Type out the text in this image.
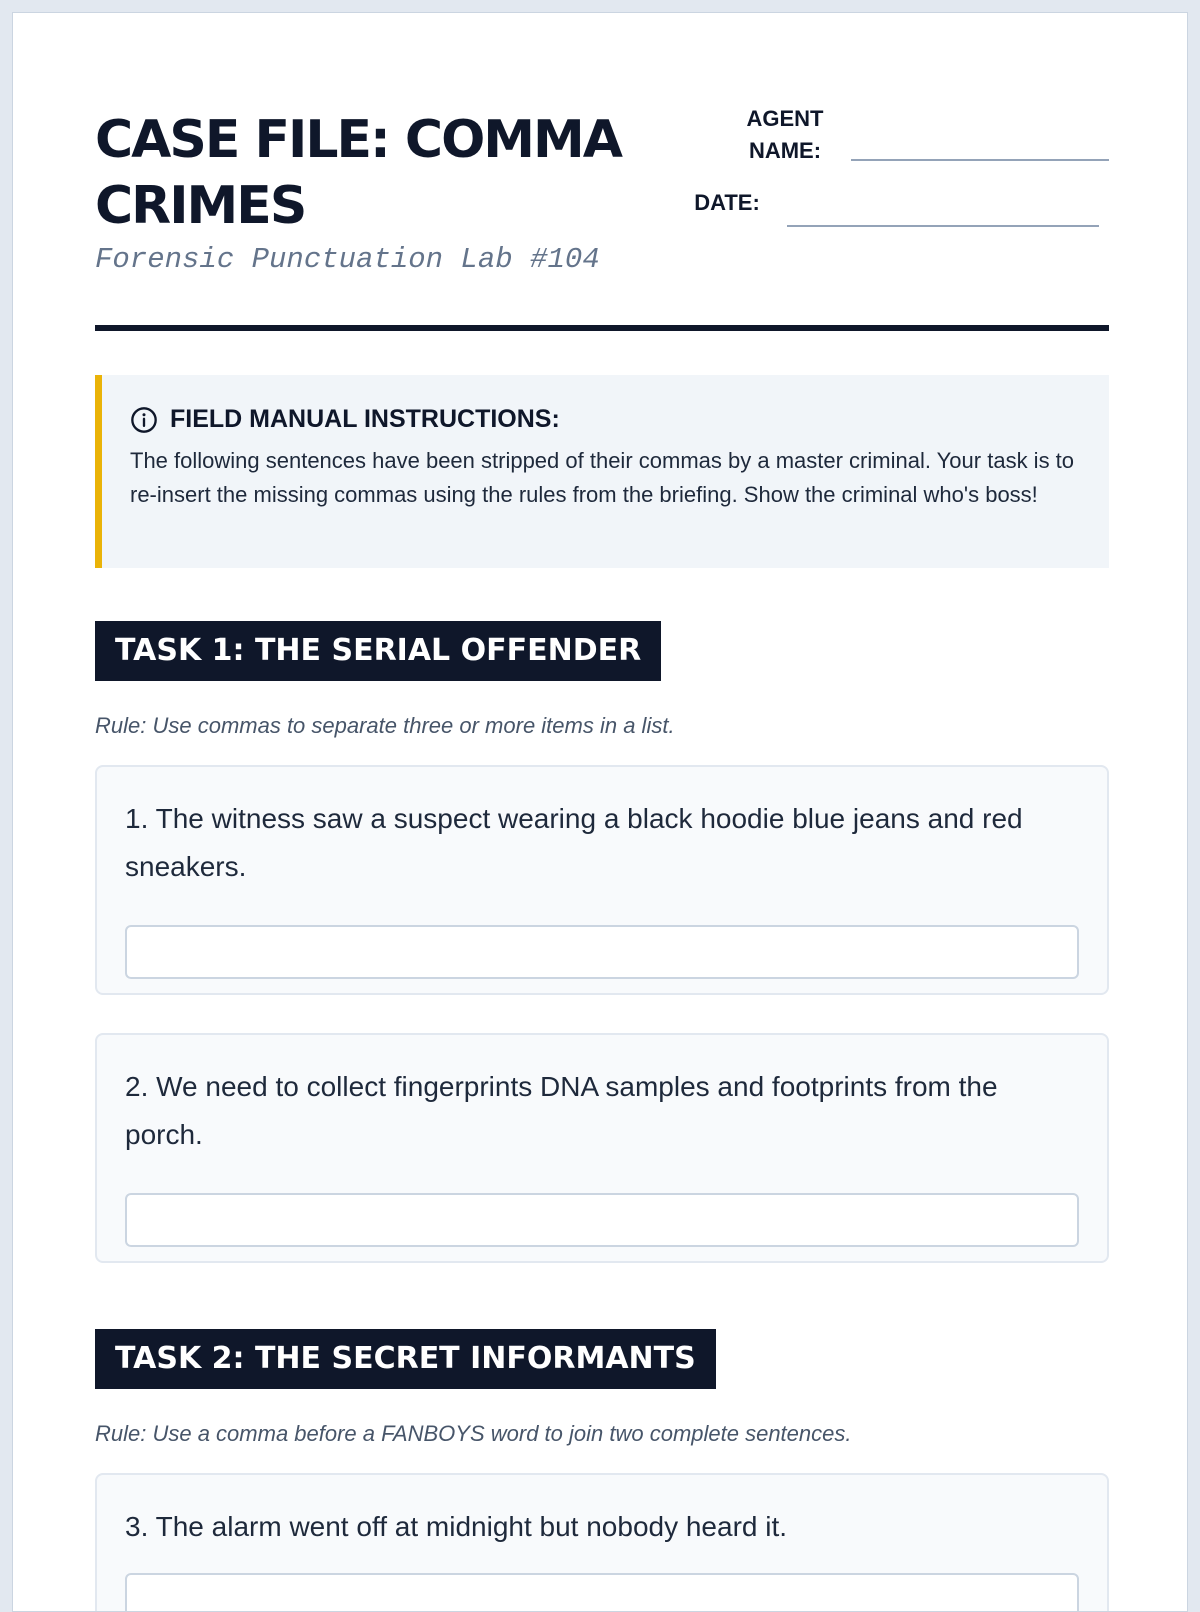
CASE FILE: COMMA CRIMES
Forensic Punctuation Lab #104
AGENT
NAME:
DATE:
FIELD MANUAL INSTRUCTIONS:
The following sentences have been stripped of their commas by a master criminal. Your task is to re-insert the missing commas using the rules from the briefing. Show the criminal who's boss!
TASK 1: THE SERIAL OFFENDER
Rule: Use commas to separate three or more items in a list.
1. The witness saw a suspect wearing a black hoodie blue jeans and red sneakers.
2. We need to collect fingerprints DNA samples and footprints from the porch.
TASK 2: THE SECRET INFORMANTS
Rule: Use a comma before a FANBOYS word to join two complete sentences.
3. The alarm went off at midnight but nobody heard it.
